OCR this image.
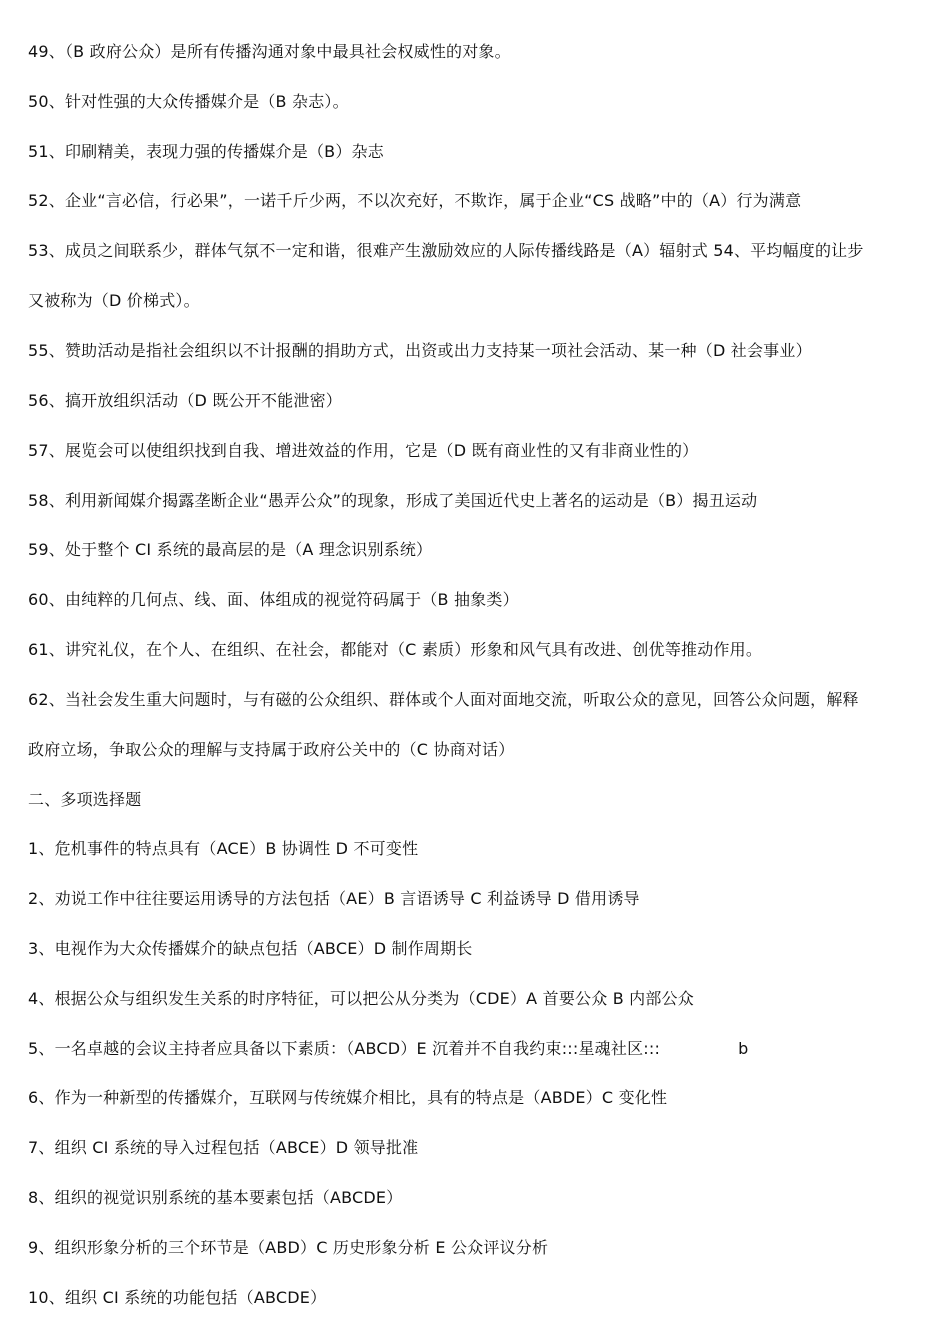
49、（B 政府公众）是所有传播沟通对象中最具社会权威性的对象。
50、针对性强的大众传播媒介是（B 杂志）。
51、印刷精美，表现力强的传播媒介是（B）杂志
52、企业“言必信，行必果”，一诺千斤少两，不以次充好，不欺诈，属于企业“CS 战略”中的（A）行为满意
53、成员之间联系少，群体气氛不一定和谐，很难产生激励效应的人际传播线路是（A）辐射式 54、平均幅度的让步
又被称为（D 价梯式）。
55、赞助活动是指社会组织以不计报酬的捐助方式，出资或出力支持某一项社会活动、某一种（D 社会事业）
56、搞开放组织活动（D 既公开不能泄密）
57、展览会可以使组织找到自我、增进效益的作用，它是（D 既有商业性的又有非商业性的）
58、利用新闻媒介揭露垄断企业“愚弄公众”的现象，形成了美国近代史上著名的运动是（B）揭丑运动
59、处于整个 CI 系统的最高层的是（A 理念识别系统）
60、由纯粹的几何点、线、面、体组成的视觉符码属于（B 抽象类）
61、讲究礼仪，在个人、在组织、在社会，都能对（C 素质）形象和风气具有改进、创优等推动作用。
62、当社会发生重大问题时，与有磁的公众组织、群体或个人面对面地交流，听取公众的意见，回答公众问题，解释
政府立场，争取公众的理解与支持属于政府公关中的（C 协商对话）
二、多项选择题
1、危机事件的特点具有（ACE）B 协调性 D 不可变性
2、劝说工作中往往要运用诱导的方法包括（AE）B 言语诱导 C 利益诱导 D 借用诱导
3、电视作为大众传播媒介的缺点包括（ABCE）D 制作周期长
4、根据公众与组织发生关系的时序特征，可以把公从分类为（CDE）A 首要公众 B 内部公众
5、一名卓越的会议主持者应具备以下素质：（ABCD）E 沉着并不自我约束:::星魂社区:::	b
6、作为一种新型的传播媒介，互联网与传统媒介相比，具有的特点是（ABDE）C 变化性
7、组织 CI 系统的导入过程包括（ABCE）D 领导批准
8、组织的视觉识别系统的基本要素包括（ABCDE）
9、组织形象分析的三个环节是（ABD）C 历史形象分析 E 公众评议分析
10、组织 CI 系统的功能包括（ABCDE）
